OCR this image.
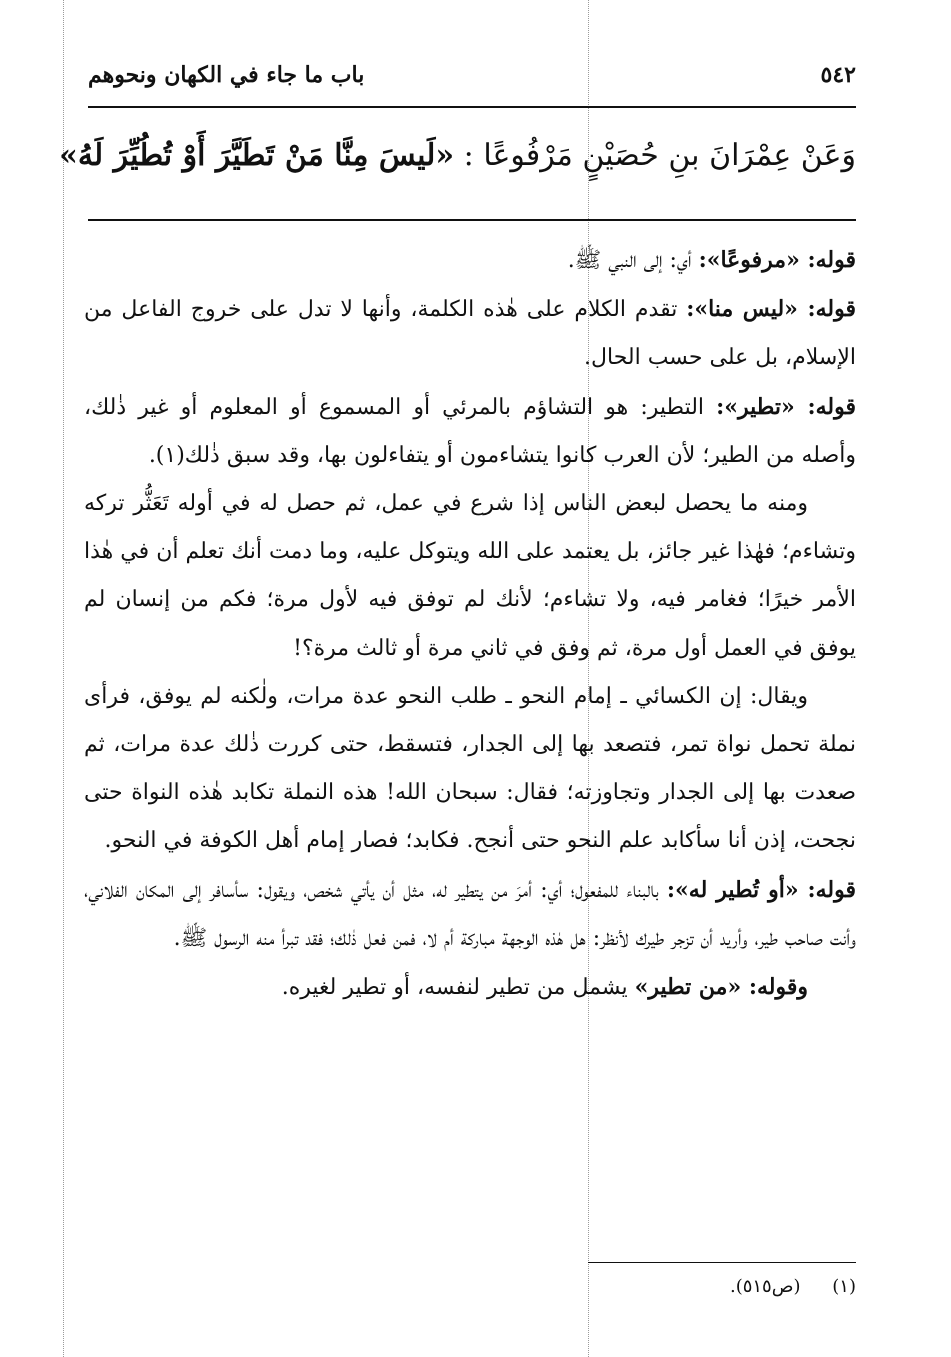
٥٤٢
باب ما جاء في الكهان ونحوهم
وَعَنْ عِمْرَانَ بنِ حُصَيْنٍ مَرْفُوعًا : «لَيسَ مِنَّا مَنْ تَطَيَّرَ أَوْ تُطُيِّرَ لَهُ»

قوله: «مرفوعًا»: أي: إلى النبي ﷺ.

قوله: «ليس منا»: تقدم الكلام على هٰذه الكلمة، وأنها لا تدل على خروج الفاعل من الإسلام، بل على حسب الحال.

قوله: «تطير»: التطير: هو التشاؤم بالمرئي أو المسموع أو المعلوم أو غير ذٰلك، وأصله من الطير؛ لأن العرب كانوا يتشاءمون أو يتفاءلون بها، وقد سبق ذٰلك(١).

ومنه ما يحصل لبعض الناس إذا شرع في عمل، ثم حصل له في أوله تَعَثُّر تركه وتشاءم؛ فهٰذا غير جائز، بل يعتمد على الله ويتوكل عليه، وما دمت أنك تعلم أن في هٰذا الأمر خيرًا؛ فغامر فيه، ولا تشاءم؛ لأنك لم توفق فيه لأول مرة؛ فكم من إنسان لم يوفق في العمل أول مرة، ثم وفق في ثاني مرة أو ثالث مرة؟!

ويقال: إن الكسائي ـ إمام النحو ـ طلب النحو عدة مرات، ولٰكنه لم يوفق، فرأى نملة تحمل نواة تمر، فتصعد بها إلى الجدار، فتسقط، حتى كررت ذٰلك عدة مرات، ثم صعدت بها إلى الجدار وتجاوزته؛ فقال: سبحان الله! هذه النملة تكابد هٰذه النواة حتى نجحت، إذن أنا سأكابد علم النحو حتى أنجح. فكابد؛ فصار إمام أهل الكوفة في النحو.

قوله: «أو تُطير له»: بالبناء للمفعول؛ أي: أمرَ من يتطير له، مثل أن يأتي شخص، ويقول: سأسافر إلى المكان الفلاني، وأنت صاحب طير، وأريد أن تزجر طيرك لأنظر: هل هٰذه الوجهة مباركة أم لا، فمن فعل ذٰلك؛ فقد تبرأ منه الرسول ﷺ.

وقوله: «من تطير» يشمل من تطير لنفسه، أو تطير لغيره.

(١) (ص٥١٥).
